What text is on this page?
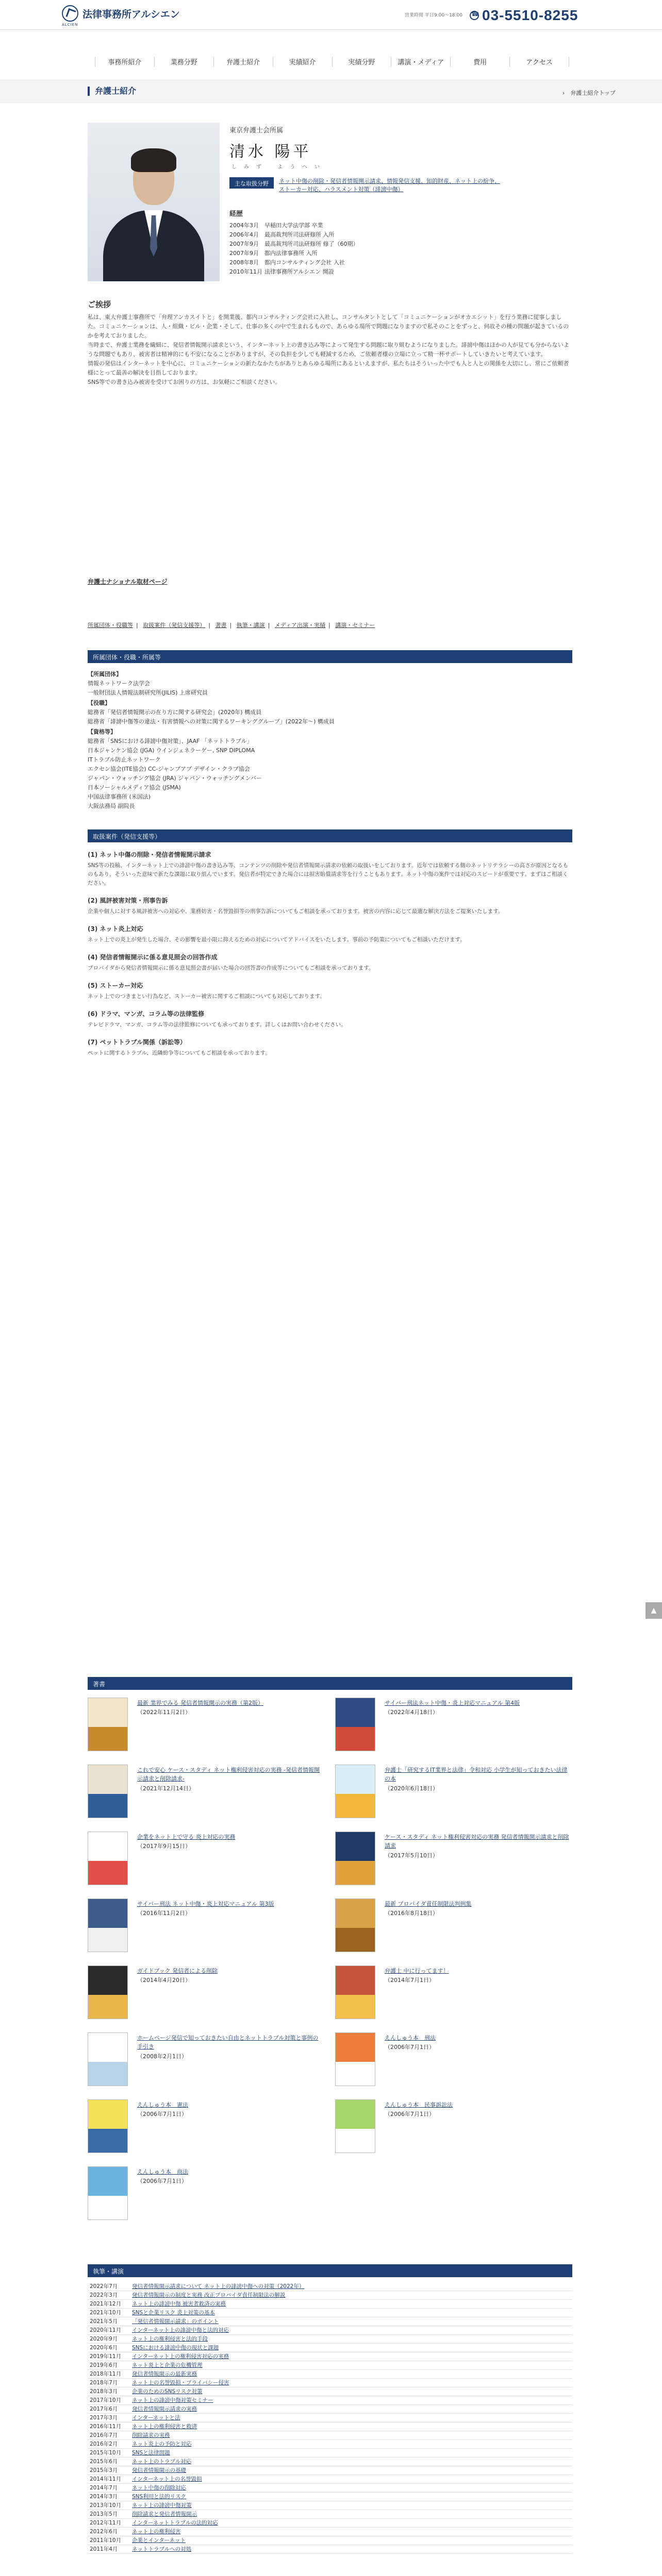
ALCIEN
法律事務所アルシエン	営業時間 平日9:00～18:00
☎ 03-5510-8255
事務所紹介	業務分野	弁護士紹介	実績紹介	実績分野	講演・メディア	費用	アクセス
弁護士紹介	›　弁護士紹介トップ
東京弁護士会所属
清水 陽平
しみず ようへい
主な取扱分野	ネット中傷の削除・発信者情報開示請求、情報発信支援、知的財産、ネット上の紛争、ストーカー対応、ハラスメント対策（誹謗中傷）
経歴
2004年3月	早稲田大学法学部 卒業
2006年4月	最高裁判所司法研修所 入所
2007年9月	最高裁判所司法研修所 修了（60期）
2007年9月	都内法律事務所 入所
2008年8月	都内コンサルティング会社 入社
2010年11月 法律事務所アルシエン 開設
ご挨拶

私は、東大弁護士事務所で「弁理アンカスイトと」を開業後、都内コンサルティング会社に入社し、コンサルタントとして「コミュニケーションがオカエシット」を行う業務に従事しました。コミュニケーションは、人・組織・ビル・企業・そして、仕事の多くの中で生まれるもので、あらゆる場所で問題になりますので私そのことをずっと、何故その種の問題が起きているのかを考えておりました。

当時まで、弁護士業務を繊細に、発信者情報開示請求という、インターネット上の書き込み等によって発生する問題に取り組むようになりました。誹謗中傷はほかの人が見ても分からないような問題でもあり、被害者は精神的にも不安になることがありますが、その負担を少しでも軽減するため、ご依頼者様の立場に立って精一杯サポートしていきたいと考えています。

情報の発信はインターネットを中心に、コミュニケーションの新たなかたちがありとあらゆる場所にあるといえますが、私たちはそういった中でも人と人との関係を大切にし、常にご依頼者様にとって最善の解決を目指しております。

SNS等での書き込み被害を受けてお困りの方は、お気軽にご相談ください。

弁護士ナショナル取材ページ
所属団体・役職等 | 取扱案件（発信支援等） | 著書 | 執筆・講演 | メディア出演・実績 | 講演・セミナー
所属団体・役職・所属等
【所属団体】
情報ネットワーク法学会
一般財団法人情報法制研究所(JILIS) 上席研究員
【役職】
総務省「発信者情報開示の在り方に関する研究会」(2020年) 構成員
総務省「誹謗中傷等の違法・有害情報への対策に関するワーキンググループ」(2022年〜) 構成員
【資格等】
総務省「SNSにおける誹謗中傷対策」、JAAF 「ネットトラブル」
日本ジャンケン協会 (JGA) ウインジェネラーゲー, SNP DIPLOMA
ITトラブル防止ネットワーク
エクセン協会(ITE協会) CC-ジャンプアプ デザイン・クラブ協会
ジャパン・ウォッチング協会 (JRA) ジャパン・ウォッチングメンバー
日本ソーシャルメディア協会 (JSMA)
中国法律事務所 (米国法)
大阪法務局 副院長
取扱案件（発信支援等）
(1) ネット中傷の削除・発信者情報開示請求

SNS等の投稿、インターネット上での誹謗中傷の書き込み等、コンテンツの削除や発信者情報開示請求の依頼の取扱いをしております。近年では依頼する側のネットリテラシーの高さが原因となるものもあり、そういった意味で新たな課題に取り組んでいます。発信者が特定できた場合には損害賠償請求等を行うこともあります。ネット中傷の案件では対応のスピードが重要です。まずはご相談ください。

(2) 風評被害対策・刑事告訴

企業や個人に対する風評被害への対応や、業務妨害・名誉毀損等の刑事告訴についてもご相談を承っております。被害の内容に応じて最適な解決方法をご提案いたします。

(3) ネット炎上対応

ネット上での炎上が発生した場合、その影響を最小限に抑えるための対応についてアドバイスをいたします。事前の予防策についてもご相談いただけます。

(4) 発信者情報開示に係る意見照会の回答作成

プロバイダから発信者情報開示に係る意見照会書が届いた場合の回答書の作成等についてもご相談を承っております。

(5) ストーカー対応

ネット上でのつきまとい行為など、ストーカー被害に関するご相談についても対応しております。

(6) ドラマ、マンガ、コラム等の法律監修

テレビドラマ、マンガ、コラム等の法律監修についても承っております。詳しくはお問い合わせください。

(7) ペットトラブル関係（訴訟等）

ペットに関するトラブル、近隣紛争等についてもご相談を承っております。

著書
最新 業界でみる 発信者情報開示の実務（第2版）
（2022年11月2日）
サイバー刑法ネット中傷・炎上対応マニュアル 第4版
（2022年4月18日）
これで安心 ケース・スタディ ネット権利侵害対応の実務 ‐発信者情報開示請求と削除請求‐
（2021年12月14日）
弁護士「研究するIT業界と法律」令和対応 小学生が知っておきたい法律の本
（2020年6月18日）
企業をネット上で守る 炎上対応の実務
（2017年9月15日）
ケース・スタディ ネット権利侵害対応の実務 発信者情報開示請求と削除請求
（2017年5月10日）
サイバー刑法 ネット中傷・炎上対応マニュアル 第3版
（2016年11月2日）
最新 プロバイダ責任制限法判例集
（2016年8月18日）
ガイドブック 発信者による削除
（2014年4月20日）
弁護士 中に行ってます！
（2014年7月1日）
ホームページ発信で知っておきたい自由とネットトラブル対策と事例の手引き
（2008年2月1日）
えんしゅう本　刑法
（2006年7月1日）
えんしゅう本　憲法
（2006年7月1日）
えんしゅう本　民事訴訟法
（2006年7月1日）
えんしゅう本　商法
（2006年7月1日）
執筆・講演
2022年7月	発信者情報開示請求について ネット上の誹謗中傷への対策（2022年）
2022年3月	発信者情報開示の制度と実務 改正プロバイダ責任制限法の解説
2021年12月	ネット上の誹謗中傷 被害者救済の実務
2021年10月	SNSと企業リスク 炎上対策の基本
2021年5月	「発信者情報開示請求」のポイント
2020年11月	インターネット上の誹謗中傷と法的対応
2020年9月	ネット上の権利侵害と法的手段
2020年6月	SNSにおける誹謗中傷の現状と課題
2019年11月	インターネット上の権利侵害対応の実務
2019年6月	ネット炎上と企業の危機管理
2018年11月	発信者情報開示の最新実務
2018年7月	ネット上の名誉毀損・プライバシー侵害
2018年3月	企業のためのSNSリスク対策
2017年10月	ネット上の誹謗中傷対策セミナー
2017年6月	発信者情報開示請求の実務
2017年3月	インターネットと法
2016年11月	ネット上の権利侵害と救済
2016年7月	削除請求の実務
2016年2月	ネット炎上の予防と対応
2015年10月	SNSと法律問題
2015年6月	ネット上のトラブル対応
2015年3月	発信者情報開示の基礎
2014年11月	インターネット上の名誉毀損
2014年7月	ネット中傷の削除対応
2014年3月	SNS利用と法的リスク
2013年10月	ネット上の誹謗中傷対策
2013年5月	削除請求と発信者情報開示
2012年11月	インターネットトラブルの法的対応
2012年6月	ネット上の権利侵害
2011年10月	企業とインターネット
2011年4月	ネットトラブルへの対処
▲
